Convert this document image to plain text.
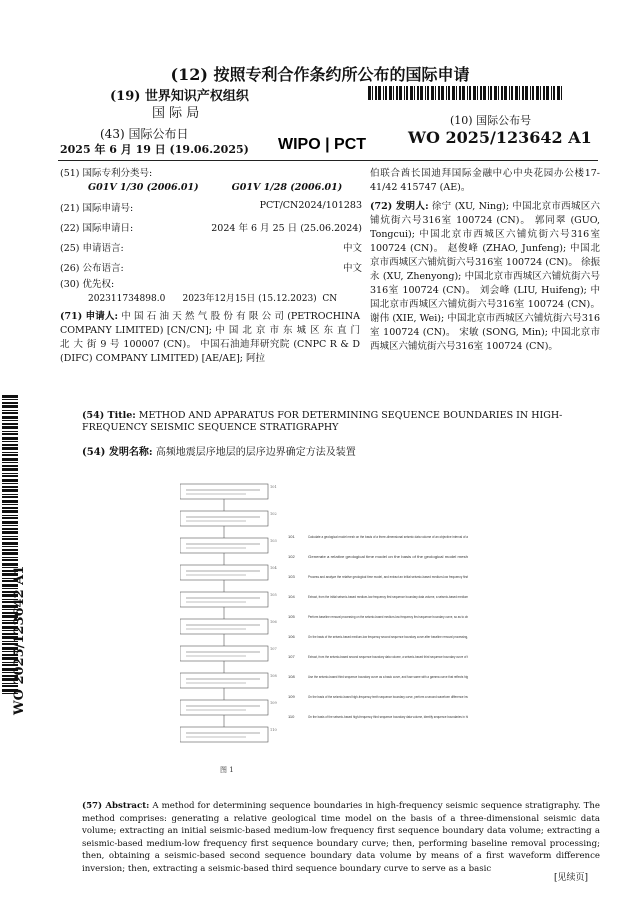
(12) 按照专利合作条约所公布的国际申请
(19) 世界知识产权组织
国 际 局
(43) 国际公布日
2025 年 6 月 19 日 (19.06.2025) WIPO | PCT
(10) 国际公布号
WO 2025/123642 A1
(51) 国际专利分类号:
G01V 1/30 (2006.01)          G01V 1/28 (2006.01)
(21) 国际申请号:	PCT/CN2024/101283
(22) 国际申请日:	2024 年 6 月 25 日 (25.06.2024)
(25) 申请语言:	中文
(26) 公布语言:	中文
(30) 优先权:
202311734898.0      2023年12月15日 (15.12.2023)  CN
(71) 申请人: 中 国 石 油 天 然 气 股 份 有 限 公 司 (PETROCHINA COMPANY LIMITED) [CN/CN]; 中 国 北 京 市 东 城 区 东 直 门 北 大 街 9 号 100007 (CN)。 中国石油迪拜研究院 (CNPC R & D (DIFC) COMPANY LIMITED) [AE/AE]; 阿拉
伯联合酋长国迪拜国际金融中心中央花园办公楼17-41/42 415747 (AE)。
(72) 发明人: 徐宁 (XU, Ning); 中国北京市西城区六铺炕街六号316室 100724 (CN)。 郭同翠 (GUO, Tongcui); 中国北京市西城区六铺炕街六号316室 100724 (CN)。 赵俊峰 (ZHAO, Junfeng); 中国北京市西城区六铺炕街六号316室 100724 (CN)。 徐振永 (XU, Zhenyong); 中国北京市西城区六铺炕街六号316室 100724 (CN)。 刘会峰 (LIU, Huifeng); 中国北京市西城区六铺炕街六号316室 100724 (CN)。 谢伟 (XIE, Wei); 中国北京市西城区六铺炕街六号316室 100724 (CN)。 宋敏 (SONG, Min); 中国北京市西城区六铺炕街六号316室 100724 (CN)。
WO 2025/123642 A1
(54) Title: METHOD AND APPARATUS FOR DETERMINING SEQUENCE BOUNDARIES IN HIGH-FREQUENCY SEISMIC SEQUENCE STRATIGRAPHY
(54) 发明名称: 高频地震层序地层的层序边界确定方法及装置
101
101	Calculate a geological model mesh on the basis of a three-dimensional seismic data volume of an objective interval of a
102
102	Generate a relative geological time model on the basis of the geological model mesh
103
103	Process and analyze the relative geological time model, and extract an initial seismic-based medium-low frequency first
104
104	Extract, from the initial seismic-based medium-low frequency first sequence boundary data volume, a seismic-based medium
105
105	Perform baseline removal processing on the seismic-based medium-low frequency first sequence boundary curve, so as to ob
106
106	On the basis of the seismic-based medium-low frequency second sequence boundary curve after baseline removal processing,
107
107	Extract, from the seismic-based second sequence boundary data volume, a seismic-based third sequence boundary curve of t
108	108	Use the seismic-based third sequence boundary curve as a basic curve, and fuse same with a gamma curve that reflects hig
109
109	On the basis of the seismic-based high-frequency tenth sequence boundary curve, perform a second waveform difference inv
110
110	On the basis of the seismic-based high-frequency third sequence boundary data volume, identify sequence boundaries in hi
图 1
(57) Abstract: A method for determining sequence boundaries in high-frequency seismic sequence stratigraphy. The method comprises: generating a relative geological time model on the basis of a three-dimensional seismic data volume; extracting an initial seismic-based medium-low frequency first sequence boundary data volume; extracting a seismic-based medium-low frequency first sequence boundary curve; then, performing baseline removal processing; then, obtaining a seismic-based second sequence boundary data volume by means of a first waveform difference inversion; then, extracting a seismic-based third sequence boundary curve to serve as a basic
[见续页]
